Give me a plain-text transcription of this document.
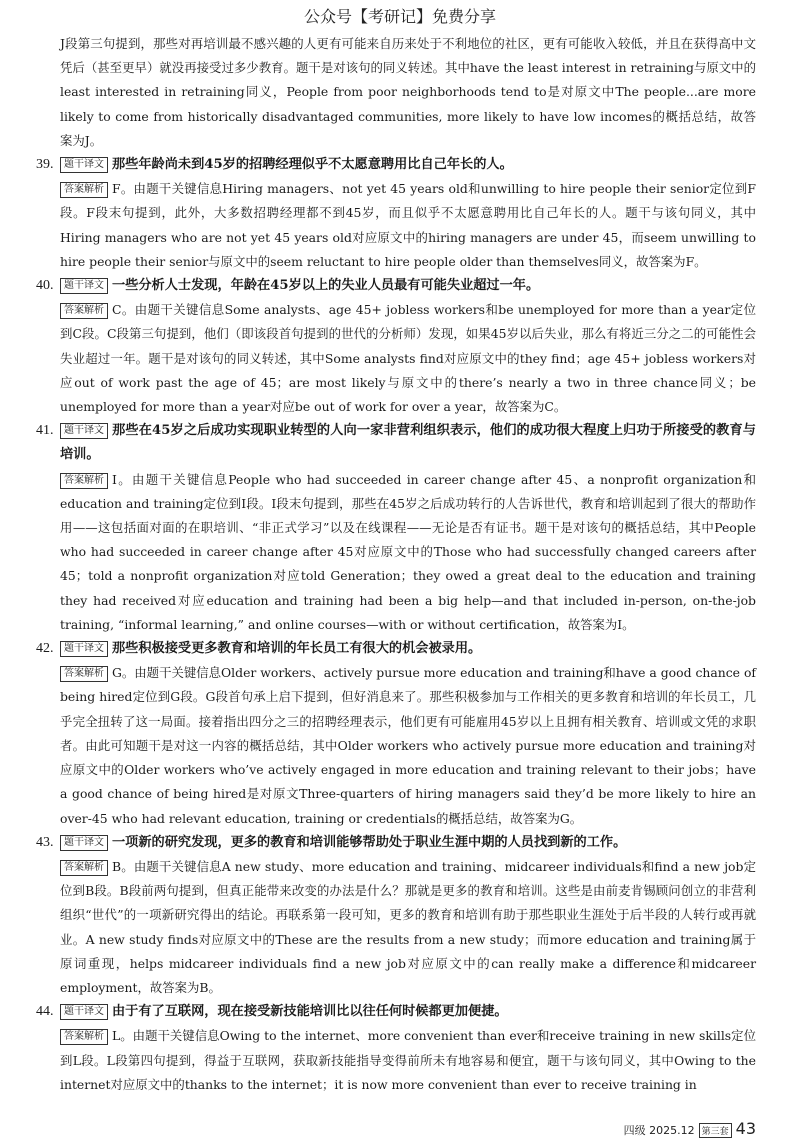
公众号【考研记】免费分享

J段第三句提到，那些对再培训最不感兴趣的人更有可能来自历来处于不利地位的社区，更有可能收入较低，并且在获得高中文凭后（甚至更早）就没再接受过多少教育。题干是对该句的同义转述。其中have the least interest in retraining与原文中的least interested in retraining同义，People from poor neighborhoods tend to是对原文中The people...are more likely to come from historically disadvantaged communities, more likely to have low incomes的概括总结，故答案为J。

39.	题干译文 那些年龄尚未到45岁的招聘经理似乎不太愿意聘用比自己年长的人。

答案解析 F。由题干关键信息Hiring managers、not yet 45 years old和unwilling to hire people their senior定位到F段。F段末句提到，此外，大多数招聘经理都不到45岁，而且似乎不太愿意聘用比自己年长的人。题干与该句同义，其中Hiring managers who are not yet 45 years old对应原文中的hiring managers are under 45，而seem unwilling to hire people their senior与原文中的seem reluctant to hire people older than themselves同义，故答案为F。

40.	题干译文 一些分析人士发现，年龄在45岁以上的失业人员最有可能失业超过一年。

答案解析 C。由题干关键信息Some analysts、age 45+ jobless workers和be unemployed for more than a year定位到C段。C段第三句提到，他们（即该段首句提到的世代的分析师）发现，如果45岁以后失业，那么有将近三分之二的可能性会失业超过一年。题干是对该句的同义转述，其中Some analysts find对应原文中的they find；age 45+ jobless workers对应out of work past the age of 45；are most likely与原文中的there’s nearly a two in three chance同义；be unemployed for more than a year对应be out of work for over a year，故答案为C。

41.	题干译文 那些在45岁之后成功实现职业转型的人向一家非营利组织表示，他们的成功很大程度上归功于所接受的教育与培训。

答案解析 I。由题干关键信息People who had succeeded in career change after 45、a nonprofit organization和education and training定位到I段。I段末句提到，那些在45岁之后成功转行的人告诉世代，教育和培训起到了很大的帮助作用——这包括面对面的在职培训、“非正式学习”以及在线课程——无论是否有证书。题干是对该句的概括总结，其中People who had succeeded in career change after 45对应原文中的Those who had successfully changed careers after 45；told a nonprofit organization对应told Generation；they owed a great deal to the education and training they had received对应education and training had been a big help—and that included in-person, on-the-job training, “informal learning,” and online courses—with or without certification，故答案为I。

42.	题干译文 那些积极接受更多教育和培训的年长员工有很大的机会被录用。

答案解析 G。由题干关键信息Older workers、actively pursue more education and training和have a good chance of being hired定位到G段。G段首句承上启下提到，但好消息来了。那些积极参加与工作相关的更多教育和培训的年长员工，几乎完全扭转了这一局面。接着指出四分之三的招聘经理表示，他们更有可能雇用45岁以上且拥有相关教育、培训或文凭的求职者。由此可知题干是对这一内容的概括总结，其中Older workers who actively pursue more education and training对应原文中的Older workers who’ve actively engaged in more education and training relevant to their jobs；have a good chance of being hired是对原文Three-quarters of hiring managers said they’d be more likely to hire an over-45 who had relevant education, training or credentials的概括总结，故答案为G。

43.	题干译文 一项新的研究发现，更多的教育和培训能够帮助处于职业生涯中期的人员找到新的工作。

答案解析 B。由题干关键信息A new study、more education and training、midcareer individuals和find a new job定位到B段。B段前两句提到，但真正能带来改变的办法是什么？那就是更多的教育和培训。这些是由前麦肯锡顾问创立的非营利组织“世代”的一项新研究得出的结论。再联系第一段可知，更多的教育和培训有助于那些职业生涯处于后半段的人转行或再就业。A new study finds对应原文中的These are the results from a new study；而more education and training属于原词重现，helps midcareer individuals find a new job对应原文中的can really make a difference和midcareer employment，故答案为B。

44.	题干译文 由于有了互联网，现在接受新技能培训比以往任何时候都更加便捷。

答案解析 L。由题干关键信息Owing to the internet、more convenient than ever和receive training in new skills定位到L段。L段第四句提到，得益于互联网，获取新技能指导变得前所未有地容易和便宜，题干与该句同义，其中Owing to the internet对应原文中的thanks to the internet；it is now more convenient than ever to receive training in

四级 2025.12 第三套 43
